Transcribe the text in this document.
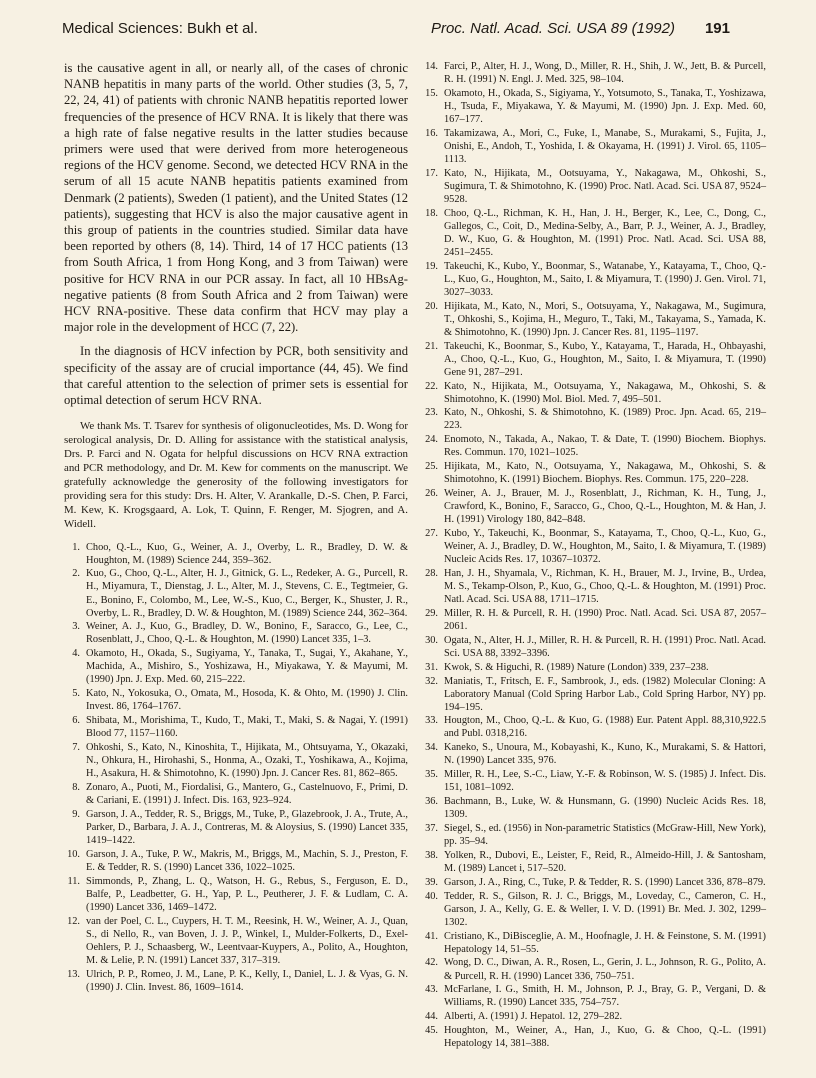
Medical Sciences: Bukh et al.	Proc. Natl. Acad. Sci. USA 89 (1992) 191

is the causative agent in all, or nearly all, of the cases of chronic NANB hepatitis in many parts of the world. Other studies (3, 5, 7, 22, 24, 41) of patients with chronic NANB hepatitis reported lower frequencies of the presence of HCV RNA. It is likely that there was a high rate of false negative results in the latter studies because primers were used that were derived from more heterogeneous regions of the HCV genome. Second, we detected HCV RNA in the serum of all 15 acute NANB hepatitis patients examined from Denmark (2 patients), Sweden (1 patient), and the United States (12 patients), suggesting that HCV is also the major causative agent in this group of patients in the countries studied. Similar data have been reported by others (8, 14). Third, 14 of 17 HCC patients (13 from South Africa, 1 from Hong Kong, and 3 from Taiwan) were positive for HCV RNA in our PCR assay. In fact, all 10 HBsAg-negative patients (8 from South Africa and 2 from Taiwan) were HCV RNA-positive. These data confirm that HCV may play a major role in the development of HCC (7, 22).

In the diagnosis of HCV infection by PCR, both sensitivity and specificity of the assay are of crucial importance (44, 45). We find that careful attention to the selection of primer sets is essential for optimal detection of serum HCV RNA.

We thank Ms. T. Tsarev for synthesis of oligonucleotides, Ms. D. Wong for serological analysis, Dr. D. Alling for assistance with the statistical analysis, Drs. P. Farci and N. Ogata for helpful discussions on HCV RNA extraction and PCR methodology, and Dr. M. Kew for comments on the manuscript. We gratefully acknowledge the generosity of the following investigators for providing sera for this study: Drs. H. Alter, V. Arankalle, D.-S. Chen, P. Farci, M. Kew, K. Krogsgaard, A. Lok, T. Quinn, F. Renger, M. Sjogren, and A. Widell.

1. Choo, Q.-L., Kuo, G., Weiner, A. J., Overby, L. R., Bradley, D. W. & Houghton, M. (1989) Science 244, 359–362.
2. Kuo, G., Choo, Q.-L., Alter, H. J., Gitnick, G. L., Redeker, A. G., Purcell, R. H., Miyamura, T., Dienstag, J. L., Alter, M. J., Stevens, C. E., Tegtmeier, G. E., Bonino, F., Colombo, M., Lee, W.-S., Kuo, C., Berger, K., Shuster, J. R., Overby, L. R., Bradley, D. W. & Houghton, M. (1989) Science 244, 362–364.
3. Weiner, A. J., Kuo, G., Bradley, D. W., Bonino, F., Saracco, G., Lee, C., Rosenblatt, J., Choo, Q.-L. & Houghton, M. (1990) Lancet 335, 1–3.
4. Okamoto, H., Okada, S., Sugiyama, Y., Tanaka, T., Sugai, Y., Akahane, Y., Machida, A., Mishiro, S., Yoshizawa, H., Miyakawa, Y. & Mayumi, M. (1990) Jpn. J. Exp. Med. 60, 215–222.
5. Kato, N., Yokosuka, O., Omata, M., Hosoda, K. & Ohto, M. (1990) J. Clin. Invest. 86, 1764–1767.
6. Shibata, M., Morishima, T., Kudo, T., Maki, T., Maki, S. & Nagai, Y. (1991) Blood 77, 1157–1160.
7. Ohkoshi, S., Kato, N., Kinoshita, T., Hijikata, M., Ohtsuyama, Y., Okazaki, N., Ohkura, H., Hirohashi, S., Honma, A., Ozaki, T., Yoshikawa, A., Kojima, H., Asakura, H. & Shimotohno, K. (1990) Jpn. J. Cancer Res. 81, 862–865.
8. Zonaro, A., Puoti, M., Fiordalisi, G., Mantero, G., Castelnuovo, F., Primi, D. & Cariani, E. (1991) J. Infect. Dis. 163, 923–924.
9. Garson, J. A., Tedder, R. S., Briggs, M., Tuke, P., Glazebrook, J. A., Trute, A., Parker, D., Barbara, J. A. J., Contreras, M. & Aloysius, S. (1990) Lancet 335, 1419–1422.
10. Garson, J. A., Tuke, P. W., Makris, M., Briggs, M., Machin, S. J., Preston, F. E. & Tedder, R. S. (1990) Lancet 336, 1022–1025.
11. Simmonds, P., Zhang, L. Q., Watson, H. G., Rebus, S., Ferguson, E. D., Balfe, P., Leadbetter, G. H., Yap, P. L., Peutherer, J. F. & Ludlam, C. A. (1990) Lancet 336, 1469–1472.
12. van der Poel, C. L., Cuypers, H. T. M., Reesink, H. W., Weiner, A. J., Quan, S., di Nello, R., van Boven, J. J. P., Winkel, I., Mulder-Folkerts, D., Exel-Oehlers, P. J., Schaasberg, W., Leentvaar-Kuypers, A., Polito, A., Houghton, M. & Lelie, P. N. (1991) Lancet 337, 317–319.
13. Ulrich, P. P., Romeo, J. M., Lane, P. K., Kelly, I., Daniel, L. J. & Vyas, G. N. (1990) J. Clin. Invest. 86, 1609–1614.
14. Farci, P., Alter, H. J., Wong, D., Miller, R. H., Shih, J. W., Jett, B. & Purcell, R. H. (1991) N. Engl. J. Med. 325, 98–104.
15. Okamoto, H., Okada, S., Sigiyama, Y., Yotsumoto, S., Tanaka, T., Yoshizawa, H., Tsuda, F., Miyakawa, Y. & Mayumi, M. (1990) Jpn. J. Exp. Med. 60, 167–177.
16. Takamizawa, A., Mori, C., Fuke, I., Manabe, S., Murakami, S., Fujita, J., Onishi, E., Andoh, T., Yoshida, I. & Okayama, H. (1991) J. Virol. 65, 1105–1113.
17. Kato, N., Hijikata, M., Ootsuyama, Y., Nakagawa, M., Ohkoshi, S., Sugimura, T. & Shimotohno, K. (1990) Proc. Natl. Acad. Sci. USA 87, 9524–9528.
18. Choo, Q.-L., Richman, K. H., Han, J. H., Berger, K., Lee, C., Dong, C., Gallegos, C., Coit, D., Medina-Selby, A., Barr, P. J., Weiner, A. J., Bradley, D. W., Kuo, G. & Houghton, M. (1991) Proc. Natl. Acad. Sci. USA 88, 2451–2455.
19. Takeuchi, K., Kubo, Y., Boonmar, S., Watanabe, Y., Katayama, T., Choo, Q.-L., Kuo, G., Houghton, M., Saito, I. & Miyamura, T. (1990) J. Gen. Virol. 71, 3027–3033.
20. Hijikata, M., Kato, N., Mori, S., Ootsuyama, Y., Nakagawa, M., Sugimura, T., Ohkoshi, S., Kojima, H., Meguro, T., Taki, M., Takayama, S., Yamada, K. & Shimotohno, K. (1990) Jpn. J. Cancer Res. 81, 1195–1197.
21. Takeuchi, K., Boonmar, S., Kubo, Y., Katayama, T., Harada, H., Ohbayashi, A., Choo, Q.-L., Kuo, G., Houghton, M., Saito, I. & Miyamura, T. (1990) Gene 91, 287–291.
22. Kato, N., Hijikata, M., Ootsuyama, Y., Nakagawa, M., Ohkoshi, S. & Shimotohno, K. (1990) Mol. Biol. Med. 7, 495–501.
23. Kato, N., Ohkoshi, S. & Shimotohno, K. (1989) Proc. Jpn. Acad. 65, 219–223.
24. Enomoto, N., Takada, A., Nakao, T. & Date, T. (1990) Biochem. Biophys. Res. Commun. 170, 1021–1025.
25. Hijikata, M., Kato, N., Ootsuyama, Y., Nakagawa, M., Ohkoshi, S. & Shimotohno, K. (1991) Biochem. Biophys. Res. Commun. 175, 220–228.
26. Weiner, A. J., Brauer, M. J., Rosenblatt, J., Richman, K. H., Tung, J., Crawford, K., Bonino, F., Saracco, G., Choo, Q.-L., Houghton, M. & Han, J. H. (1991) Virology 180, 842–848.
27. Kubo, Y., Takeuchi, K., Boonmar, S., Katayama, T., Choo, Q.-L., Kuo, G., Weiner, A. J., Bradley, D. W., Houghton, M., Saito, I. & Miyamura, T. (1989) Nucleic Acids Res. 17, 10367–10372.
28. Han, J. H., Shyamala, V., Richman, K. H., Brauer, M. J., Irvine, B., Urdea, M. S., Tekamp-Olson, P., Kuo, G., Choo, Q.-L. & Houghton, M. (1991) Proc. Natl. Acad. Sci. USA 88, 1711–1715.
29. Miller, R. H. & Purcell, R. H. (1990) Proc. Natl. Acad. Sci. USA 87, 2057–2061.
30. Ogata, N., Alter, H. J., Miller, R. H. & Purcell, R. H. (1991) Proc. Natl. Acad. Sci. USA 88, 3392–3396.
31. Kwok, S. & Higuchi, R. (1989) Nature (London) 339, 237–238.
32. Maniatis, T., Fritsch, E. F., Sambrook, J., eds. (1982) Molecular Cloning: A Laboratory Manual (Cold Spring Harbor Lab., Cold Spring Harbor, NY) pp. 194–195.
33. Hougton, M., Choo, Q.-L. & Kuo, G. (1988) Eur. Patent Appl. 88,310,922.5 and Publ. 0318,216.
34. Kaneko, S., Unoura, M., Kobayashi, K., Kuno, K., Murakami, S. & Hattori, N. (1990) Lancet 335, 976.
35. Miller, R. H., Lee, S.-C., Liaw, Y.-F. & Robinson, W. S. (1985) J. Infect. Dis. 151, 1081–1092.
36. Bachmann, B., Luke, W. & Hunsmann, G. (1990) Nucleic Acids Res. 18, 1309.
37. Siegel, S., ed. (1956) in Non-parametric Statistics (McGraw-Hill, New York), pp. 35–94.
38. Yolken, R., Dubovi, E., Leister, F., Reid, R., Almeido-Hill, J. & Santosham, M. (1989) Lancet i, 517–520.
39. Garson, J. A., Ring, C., Tuke, P. & Tedder, R. S. (1990) Lancet 336, 878–879.
40. Tedder, R. S., Gilson, R. J. C., Briggs, M., Loveday, C., Cameron, C. H., Garson, J. A., Kelly, G. E. & Weller, I. V. D. (1991) Br. Med. J. 302, 1299–1302.
41. Cristiano, K., DiBisceglie, A. M., Hoofnagle, J. H. & Feinstone, S. M. (1991) Hepatology 14, 51–55.
42. Wong, D. C., Diwan, A. R., Rosen, L., Gerin, J. L., Johnson, R. G., Polito, A. & Purcell, R. H. (1990) Lancet 336, 750–751.
43. McFarlane, I. G., Smith, H. M., Johnson, P. J., Bray, G. P., Vergani, D. & Williams, R. (1990) Lancet 335, 754–757.
44. Alberti, A. (1991) J. Hepatol. 12, 279–282.
45. Houghton, M., Weiner, A., Han, J., Kuo, G. & Choo, Q.-L. (1991) Hepatology 14, 381–388.
